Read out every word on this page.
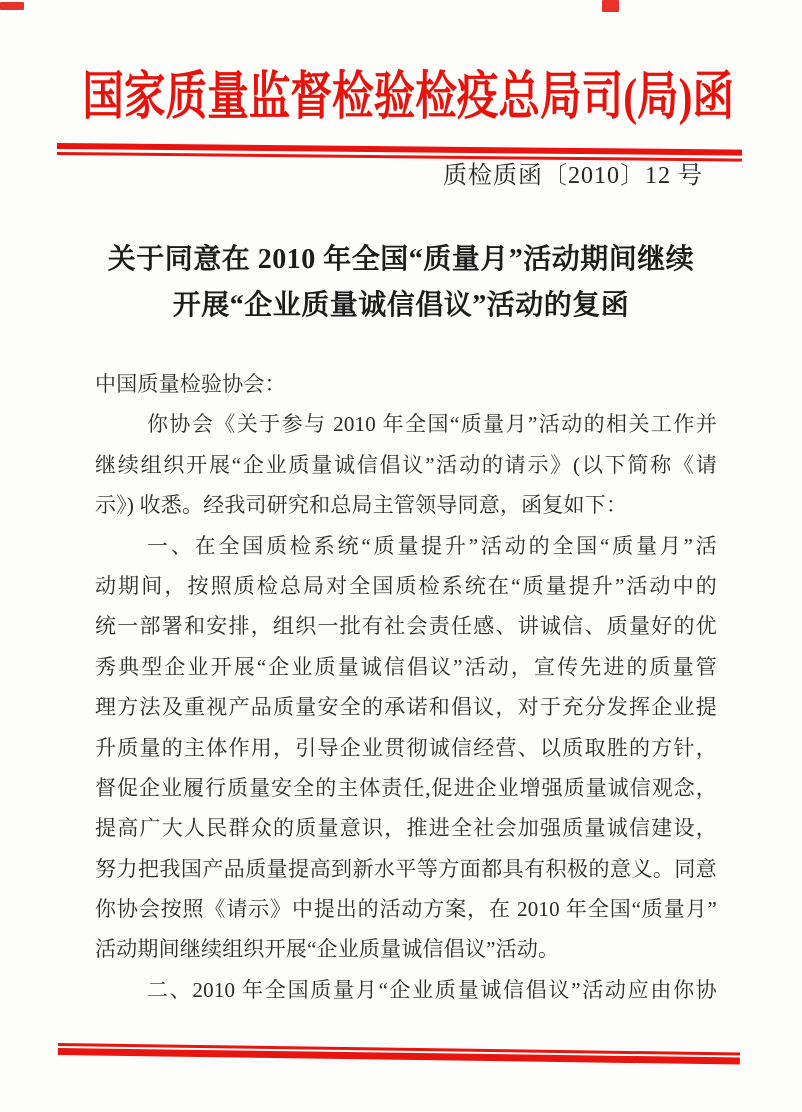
国家质量监督检验检疫总局司(局)函
质检质函〔2010〕12 号
关于同意在 2010 年全国“质量月”活动期间继续
开展“企业质量诚信倡议”活动的复函
中国质量检验协会：
你协会《关于参与 2010 年全国“质量月”活动的相关工作并
继续组织开展“企业质量诚信倡议”活动的请示》(以下简称《请
示》) 收悉。经我司研究和总局主管领导同意，函复如下：
一、在全国质检系统“质量提升”活动的全国“质量月”活
动期间，按照质检总局对全国质检系统在“质量提升”活动中的
统一部署和安排，组织一批有社会责任感、讲诚信、质量好的优
秀典型企业开展“企业质量诚信倡议”活动，宣传先进的质量管
理方法及重视产品质量安全的承诺和倡议，对于充分发挥企业提
升质量的主体作用，引导企业贯彻诚信经营、以质取胜的方针，
督促企业履行质量安全的主体责任,促进企业增强质量诚信观念，
提高广大人民群众的质量意识，推进全社会加强质量诚信建设，
努力把我国产品质量提高到新水平等方面都具有积极的意义。同意
你协会按照《请示》中提出的活动方案，在 2010 年全国“质量月”
活动期间继续组织开展“企业质量诚信倡议”活动。
二、2010 年全国质量月“企业质量诚信倡议”活动应由你协
